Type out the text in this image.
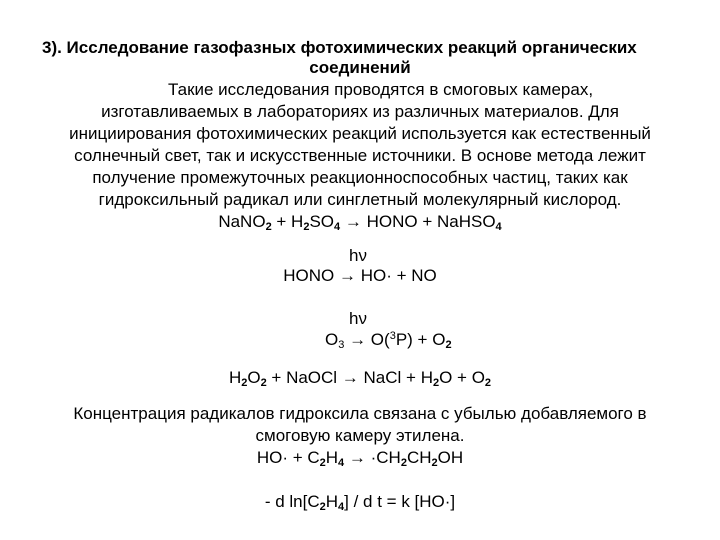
3). Исследование газофазных фотохимических реакций органических
соединений
Такие исследования проводятся в смоговых камерах,
изготавливаемых в лабораториях из различных материалов. Для
инициирования фотохимических реакций используется как естественный
солнечный свет, так и искусственные источники. В основе метода лежит
получение промежуточных реакционноспособных частиц, таких как
гидроксильный радикал или синглетный молекулярный кислород.
NaNO$_2$ + $H_2SO_4$ → HONO + NaHSO$_4$
hν
HONO → HO· + NO
hν
$O_3 \to O(^3P) + O_2$
$H_2O_2$ + NaOCl → NaCl + $H_2O + O_2$
Концентрация радикалов гидроксила связана с убылью добавляемого в
смоговую камеру этилена.
$HO\cdot + C_2H_4 \to \cdot CH_2CH_2OH$
- d $\ln[C_2H_4]$ / d t = k [HO·]
